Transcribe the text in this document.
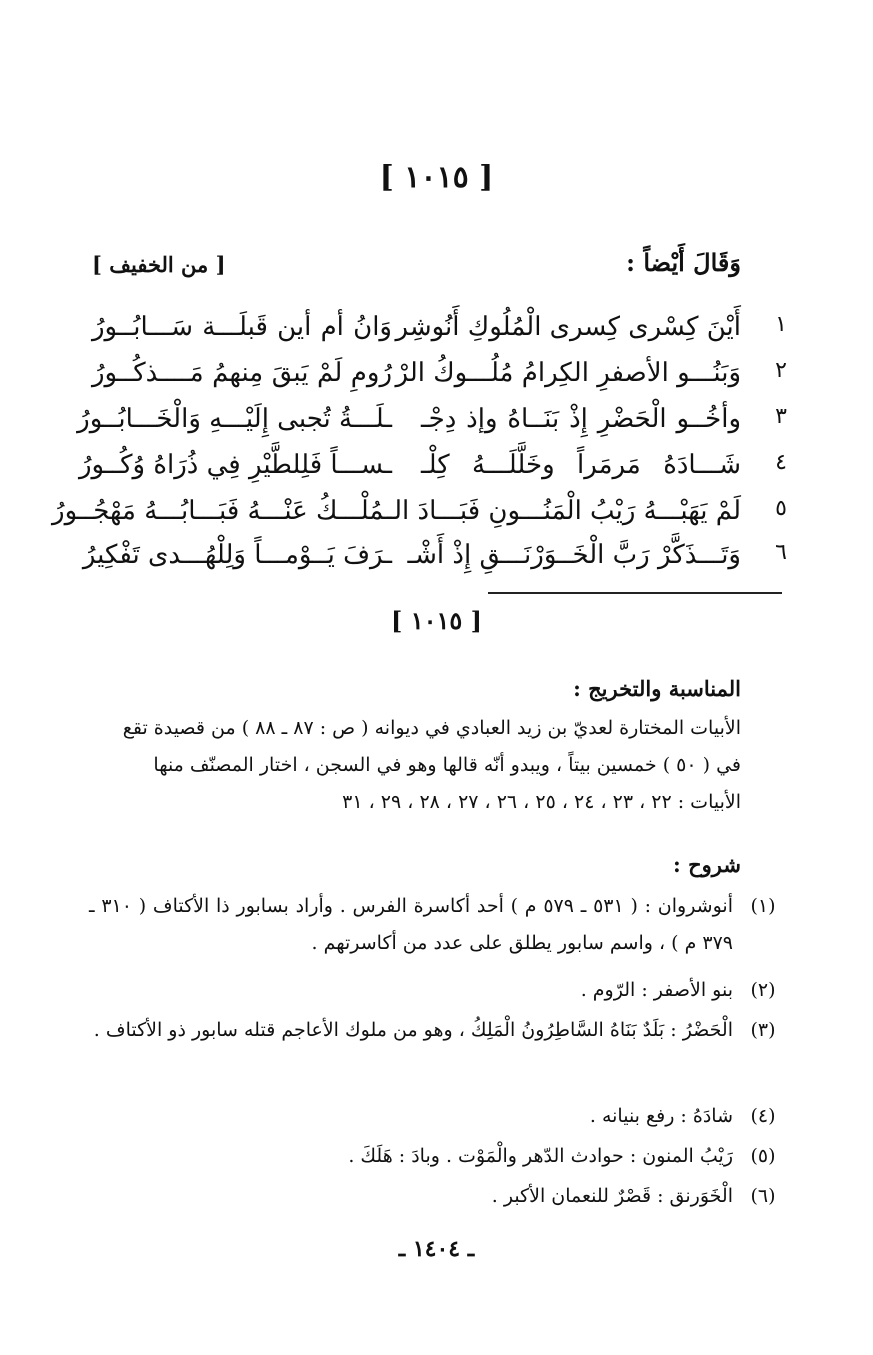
[ ١٠١٥ ]
وَقَالَ أَيْضاً :
[ من الخفيف ]
١
أَيْنَ كِسْرى كِسرى الْمُلُوكِ أَنُوشِر
وَانُ أم أين قَبلَـــة سَـــابُــورُ
٢
وَبَنُـــو الأصفرِ الكِرامُ مُلُـــوكُ الرْ
رُومِ لَمْ يَبقَ مِنهمُ مَــــذكُــورُ
٣
وأخُــو الْحَضْرِ إِذْ بَنَــاهُ وإذ دِجْـ
ـلَـــةُ تُجبى إِلَيْـــهِ وَالْخَـــابُــورُ
٤
شَـــادَهُ مَرمَراً وخَلَّلَـــهُ كِلْـ
ـســـاً فَلِلطَّيْرِ فِي ذُرَاهُ وُكُــورُ
٥
لَمْ يَهَبْـــهُ رَيْبُ الْمَنُـــونِ فَبَـــادَ الـ
ـمُلْـــكُ عَنْـــهُ فَبَـــابُـــهُ مَهْجُــورُ
٦
وَتَـــذَكَّرْ رَبَّ الْخَــوَرْنَـــقِ إِذْ أَشْـ
ـرَفَ يَــوْمـــاً وَلِلْهُـــدى تَفْكِيرُ
[ ١٠١٥ ]
المناسبة والتخريج :
الأبيات المختارة لعديّ بن زيد العبادي في ديوانه ( ص : ٨٧ ـ ٨٨ ) من قصيدة تقع
في ( ٥٠ ) خمسين بيتاً ، ويبدو أنّه قالها وهو في السجن ، اختار المصنّف منها
الأبيات : ٢٢ ، ٢٣ ، ٢٤ ، ٢٥ ، ٢٦ ، ٢٧ ، ٢٨ ، ٢٩ ، ٣١
شروح :
(١)
أنوشروان : ( ٥٣١ ـ ٥٧٩ م ) أحد أكاسرة الفرس . وأراد بسابور ذا الأكتاف ( ٣١٠ ـ ٣٧٩ م ) ، واسم سابور يطلق على عدد من أكاسرتهم .
(٢)
بنو الأصفر : الرّوم .
(٣)
الْحَضْرُ : بَلَدٌ بَنَاهُ السَّاطِرُونُ الْمَلِكُ ، وهو من ملوك الأعاجم قتله سابور ذو الأكتاف .
(٤)
شادَهُ : رفع بنيانه .
(٥)
رَيْبُ المنون : حوادث الدّهر والْمَوْت . وبادَ : هَلَكَ .
(٦)
الْخَوَرنق : قَصْرٌ للنعمان الأكبر .
ـ ١٤٠٤ ـ
